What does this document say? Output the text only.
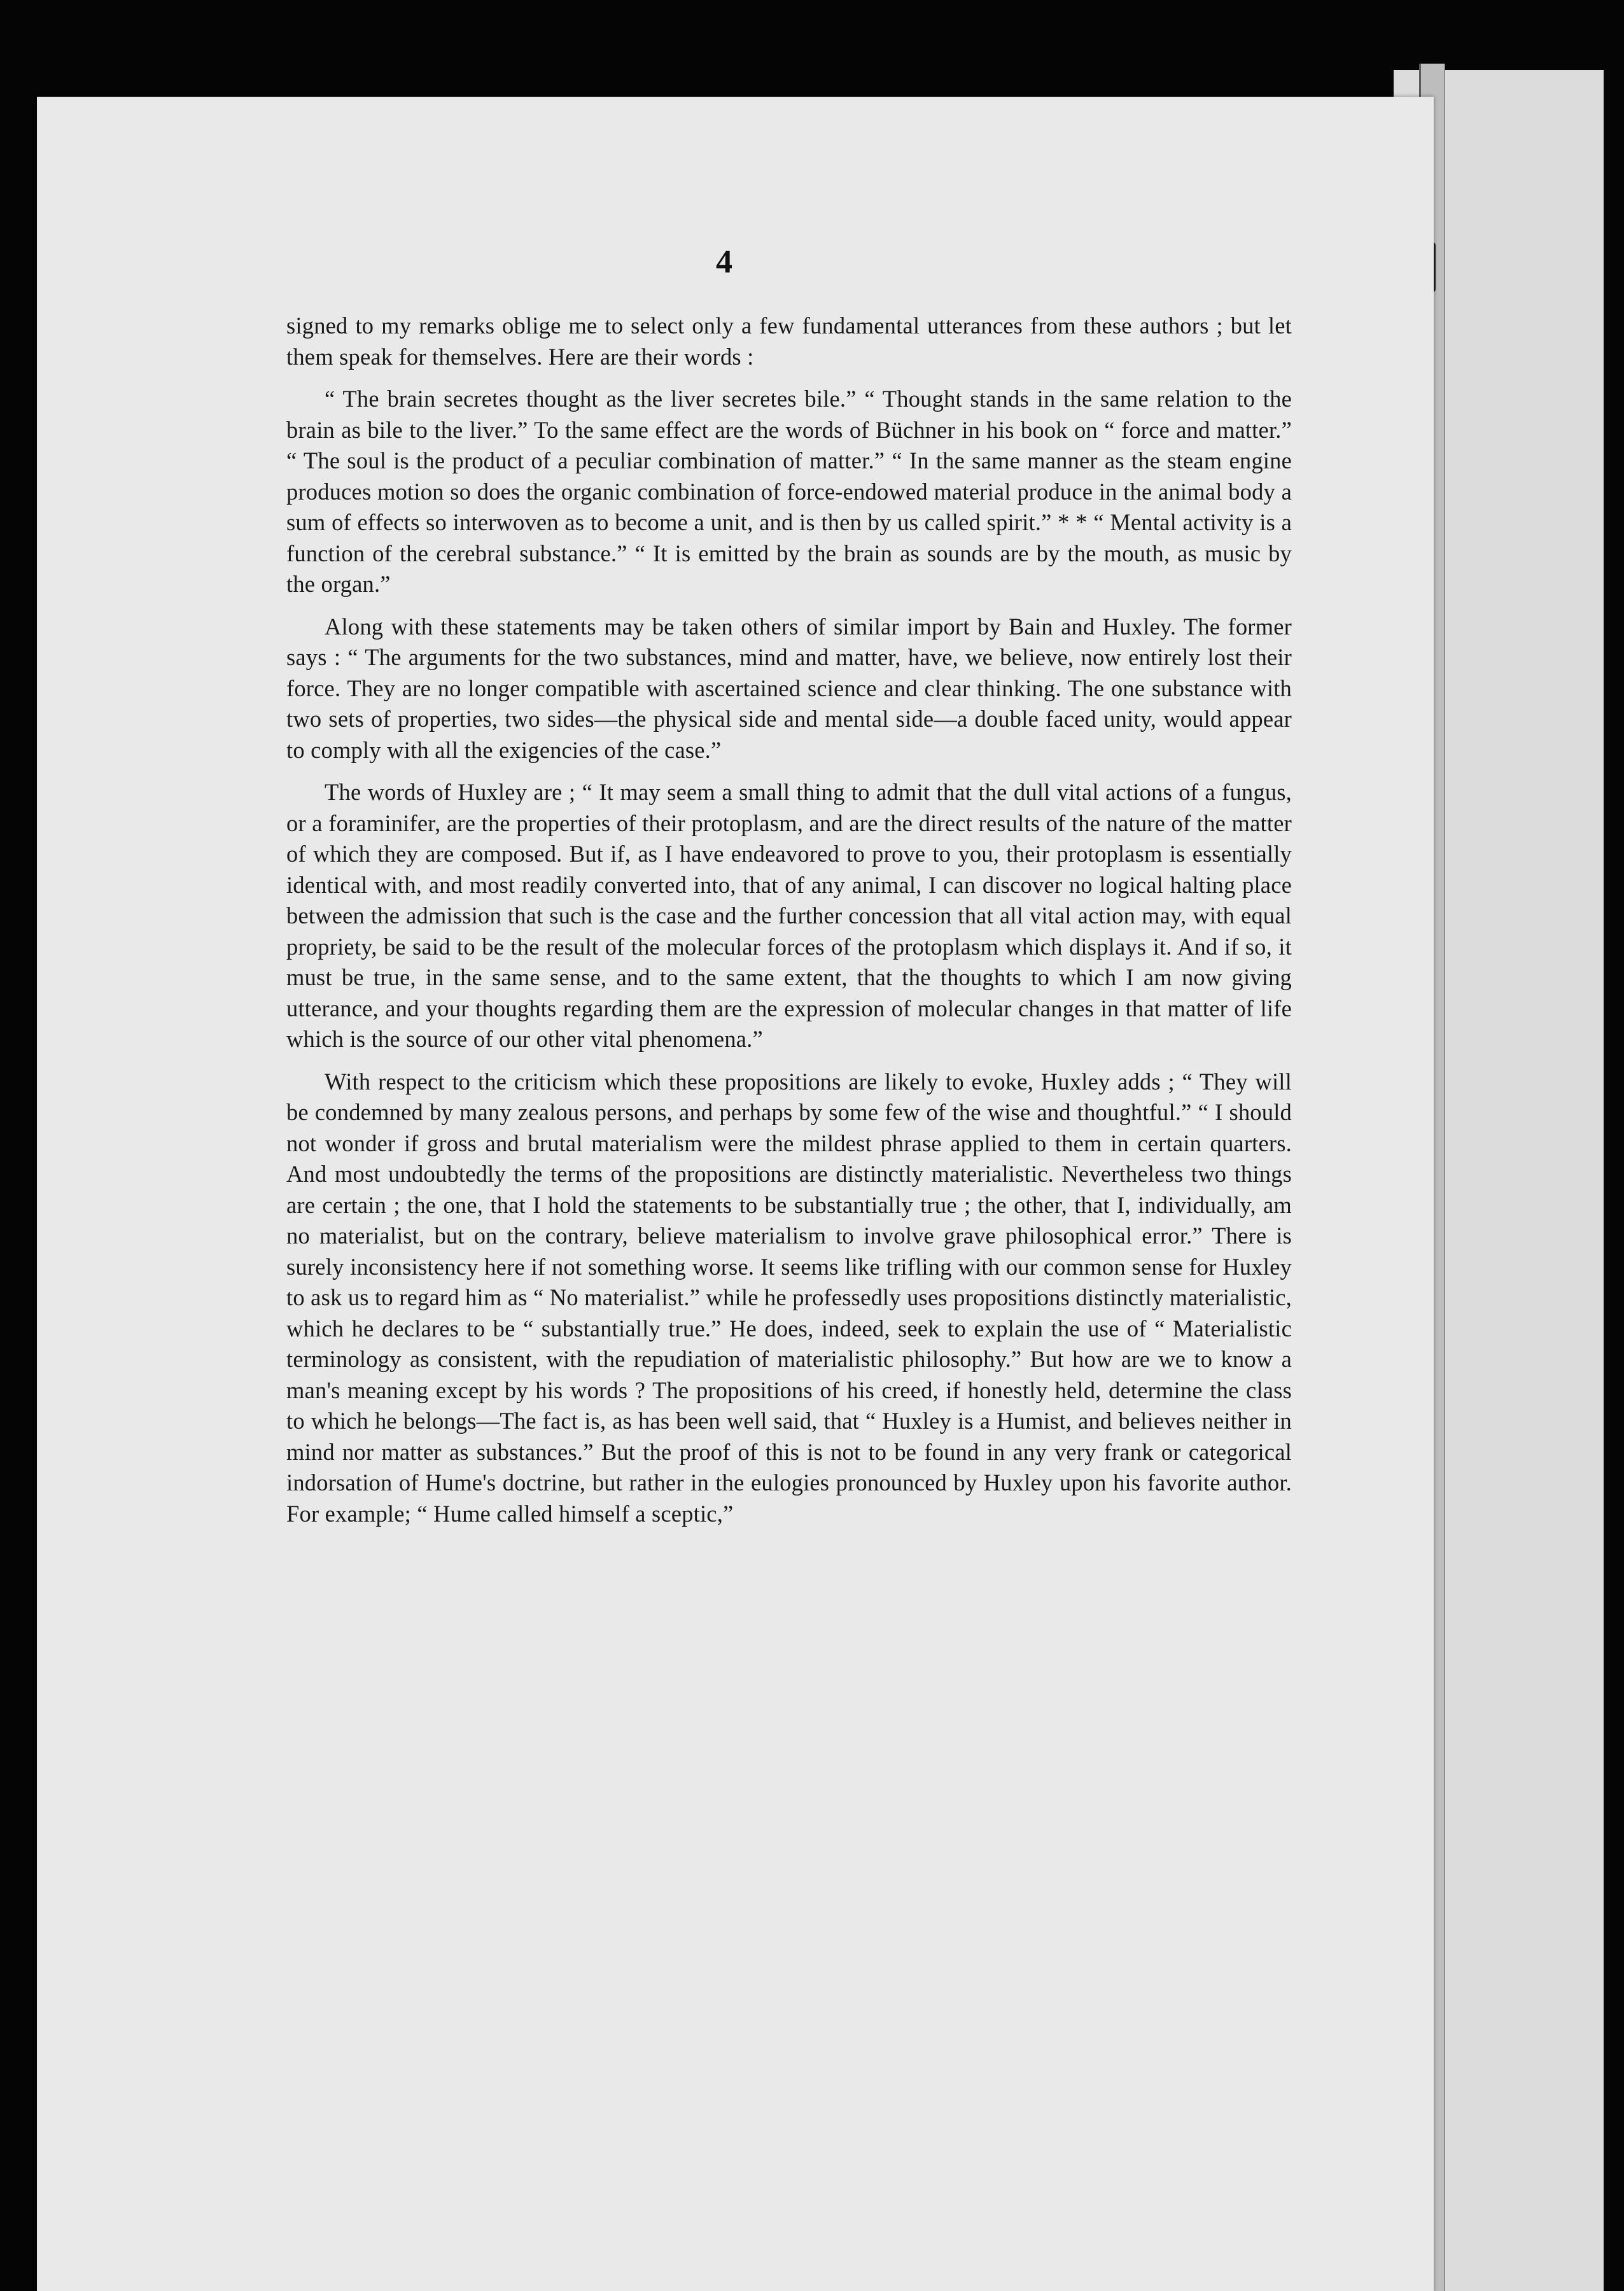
4

signed to my remarks oblige me to select only a few fundamental utterances from these authors ; but let them speak for themselves. Here are their words :

“ The brain secretes thought as the liver secretes bile.” “ Thought stands in the same relation to the brain as bile to the liver.” To the same effect are the words of Büchner in his book on “ force and matter.” “ The soul is the product of a peculiar combination of matter.” “ In the same manner as the steam engine produces motion so does the organic combination of force-endowed material produce in the animal body a sum of effects so interwoven as to become a unit, and is then by us called spirit.” * * “ Mental activity is a function of the cerebral substance.” “ It is emitted by the brain as sounds are by the mouth, as music by the organ.”

Along with these statements may be taken others of similar import by Bain and Huxley. The former says : “ The arguments for the two substances, mind and matter, have, we believe, now entirely lost their force. They are no longer compatible with ascertained science and clear thinking. The one substance with two sets of properties, two sides—the physical side and mental side—a double faced unity, would appear to comply with all the exigencies of the case.”

The words of Huxley are ; “ It may seem a small thing to admit that the dull vital actions of a fungus, or a foraminifer, are the properties of their protoplasm, and are the direct results of the nature of the matter of which they are composed. But if, as I have endeavored to prove to you, their protoplasm is essentially identical with, and most readily converted into, that of any animal, I can discover no logical halting place between the admission that such is the case and the further concession that all vital action may, with equal propriety, be said to be the result of the molecular forces of the protoplasm which displays it. And if so, it must be true, in the same sense, and to the same extent, that the thoughts to which I am now giving utterance, and your thoughts regarding them are the expression of molecular changes in that matter of life which is the source of our other vital phenomena.”

With respect to the criticism which these propositions are likely to evoke, Huxley adds ; “ They will be condemned by many zealous persons, and perhaps by some few of the wise and thoughtful.” “ I should not wonder if gross and brutal materialism were the mildest phrase applied to them in certain quarters. And most undoubtedly the terms of the propositions are distinctly materialistic. Nevertheless two things are certain ; the one, that I hold the statements to be substantially true ; the other, that I, individually, am no materialist, but on the contrary, believe materialism to involve grave philosophical error.” There is surely inconsistency here if not something worse. It seems like trifling with our common sense for Huxley to ask us to regard him as “ No materialist.” while he professedly uses propositions distinctly materialistic, which he declares to be “ substantially true.” He does, indeed, seek to explain the use of “ Materialistic terminology as consistent, with the repudiation of materialistic philosophy.” But how are we to know a man's meaning except by his words ? The propositions of his creed, if honestly held, determine the class to which he belongs—The fact is, as has been well said, that “ Huxley is a Humist, and believes neither in mind nor matter as substances.” But the proof of this is not to be found in any very frank or categorical indorsation of Hume's doctrine, but rather in the eulogies pronounced by Huxley upon his favorite author. For example; “ Hume called himself a sceptic,”
